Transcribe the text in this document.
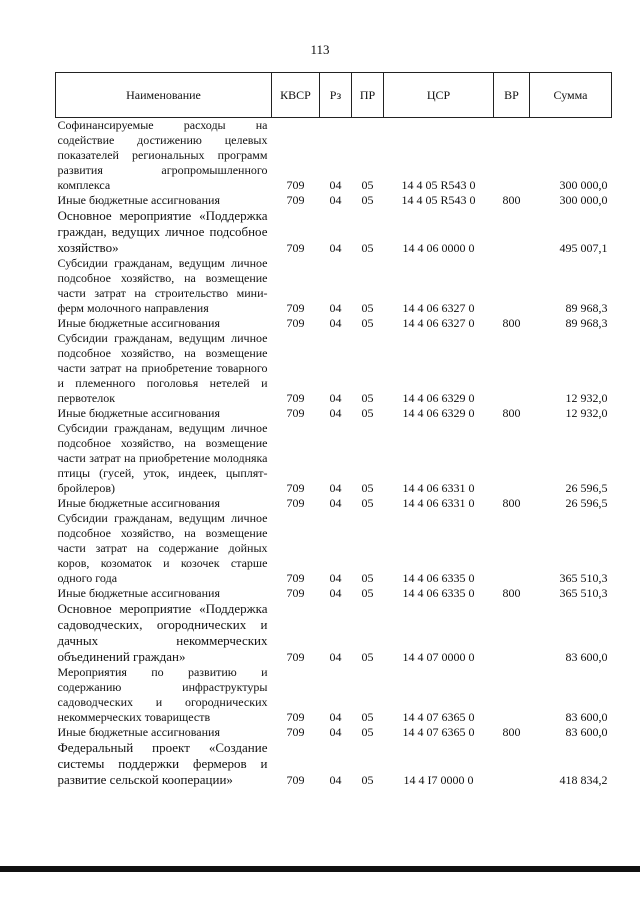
113
Наименование	КВСР	Рз	ПР	ЦСР	ВР	Сумма
Софинансируемые расходы на содействие достижению целевых показателей региональных программ развития агропромышленного комплекса	709	04	05	14 4 05 R543 0		300 000,0
Иные бюджетные ассигнования	709	04	05	14 4 05 R543 0	800	300 000,0
Основное мероприятие «Поддержка граждан, ведущих личное подсобное хозяйство»	709	04	05	14 4 06 0000 0		495 007,1
Субсидии гражданам, ведущим личное подсобное хозяйство, на возмещение части затрат на строительство мини-ферм молочного направления	709	04	05	14 4 06 6327 0		89 968,3
Иные бюджетные ассигнования	709	04	05	14 4 06 6327 0	800	89 968,3
Субсидии гражданам, ведущим личное подсобное хозяйство, на возмещение части затрат на приобретение товарного и племенного поголовья нетелей и первотелок	709	04	05	14 4 06 6329 0		12 932,0
Иные бюджетные ассигнования	709	04	05	14 4 06 6329 0	800	12 932,0
Субсидии гражданам, ведущим личное подсобное хозяйство, на возмещение части затрат на приобретение молодняка птицы (гусей, уток, индеек, цыплят-бройлеров)	709	04	05	14 4 06 6331 0		26 596,5
Иные бюджетные ассигнования	709	04	05	14 4 06 6331 0	800	26 596,5
Субсидии гражданам, ведущим личное подсобное хозяйство, на возмещение части затрат на содержание дойных коров, козоматок и козочек старше одного года	709	04	05	14 4 06 6335 0		365 510,3
Иные бюджетные ассигнования	709	04	05	14 4 06 6335 0	800	365 510,3
Основное мероприятие «Поддержка садоводческих, огороднических и дачных некоммерческих объединений граждан»	709	04	05	14 4 07 0000 0		83 600,0
Мероприятия по развитию и содержанию инфраструктуры садоводческих и огороднических некоммерческих товариществ	709	04	05	14 4 07 6365 0		83 600,0
Иные бюджетные ассигнования	709	04	05	14 4 07 6365 0	800	83 600,0
Федеральный проект «Создание системы поддержки фермеров и развитие сельской кооперации»	709	04	05	14 4 I7 0000 0		418 834,2
